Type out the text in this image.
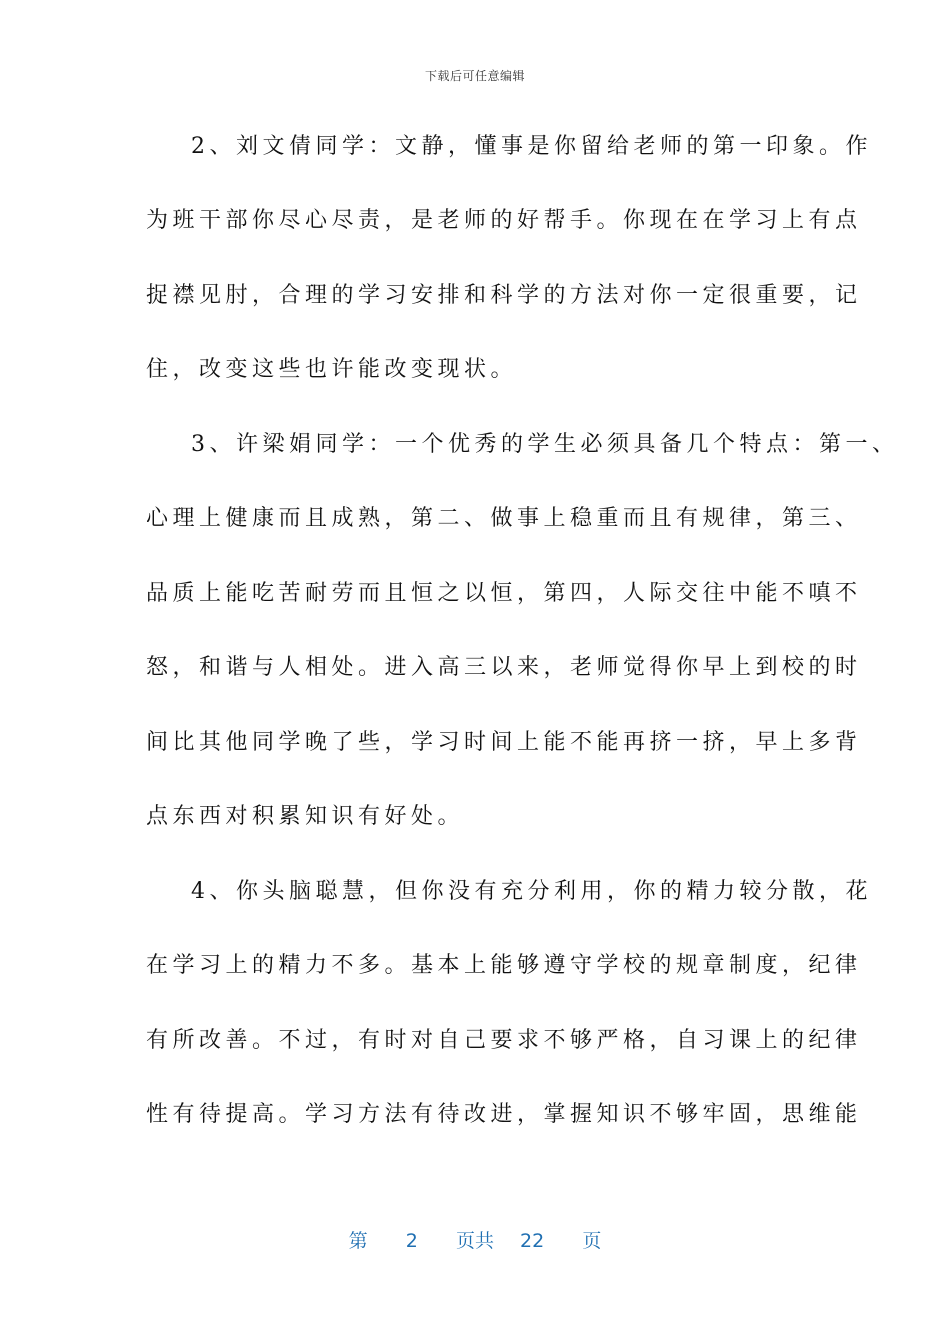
下载后可任意编辑
2、刘文倩同学：文静，懂事是你留给老师的第一印象。作
为班干部你尽心尽责，是老师的好帮手。你现在在学习上有点
捉襟见肘，合理的学习安排和科学的方法对你一定很重要，记
住，改变这些也许能改变现状。
3、许梁娟同学：一个优秀的学生必须具备几个特点：第一、
心理上健康而且成熟，第二、做事上稳重而且有规律，第三、
品质上能吃苦耐劳而且恒之以恒，第四，人际交往中能不嗔不
怒，和谐与人相处。进入高三以来，老师觉得你早上到校的时
间比其他同学晚了些，学习时间上能不能再挤一挤，早上多背
点东西对积累知识有好处。
4、你头脑聪慧，但你没有充分利用，你的精力较分散，花
在学习上的精力不多。基本上能够遵守学校的规章制度，纪律
有所改善。不过，有时对自己要求不够严格，自习课上的纪律
性有待提高。学习方法有待改进，掌握知识不够牢固，思维能
第 2 页共 22 页
